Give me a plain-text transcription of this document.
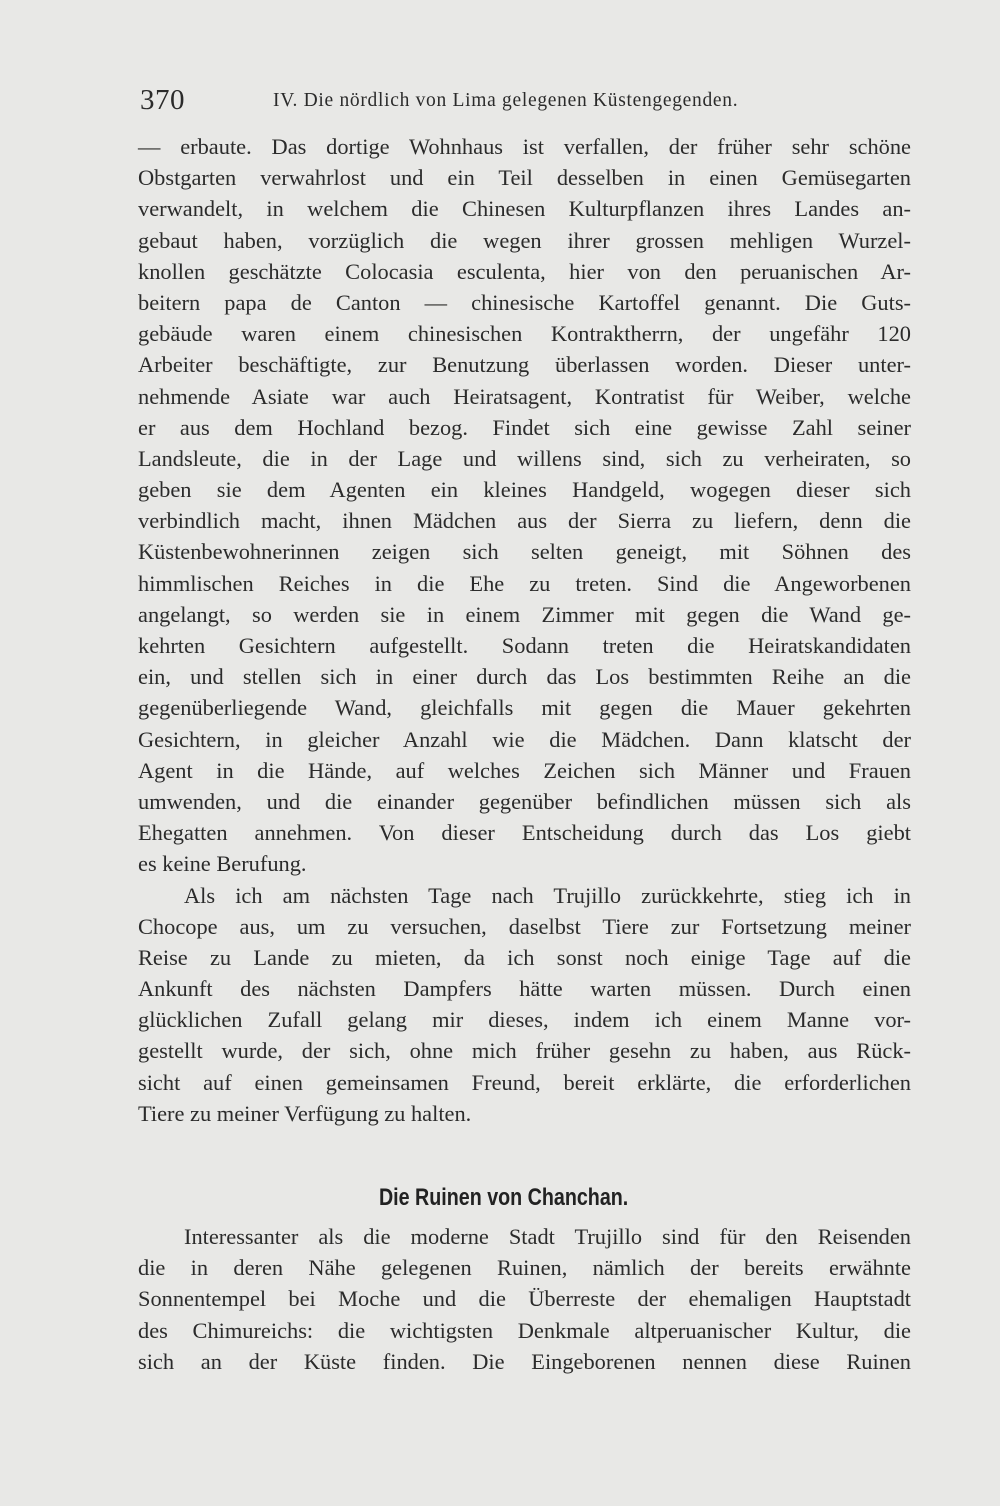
370	IV. Die nördlich von Lima gelegenen Küstengegenden.
— erbaute. Das dortige Wohnhaus ist verfallen, der früher sehr schöne
Obstgarten verwahrlost und ein Teil desselben in einen Gemüsegarten
verwandelt, in welchem die Chinesen Kulturpflanzen ihres Landes an-
gebaut haben, vorzüglich die wegen ihrer grossen mehligen Wurzel-
knollen geschätzte Colocasia esculenta, hier von den peruanischen Ar-
beitern papa de Canton — chinesische Kartoffel genannt. Die Guts-
gebäude waren einem chinesischen Kontraktherrn, der ungefähr 120
Arbeiter beschäftigte, zur Benutzung überlassen worden. Dieser unter-
nehmende Asiate war auch Heiratsagent, Kontratist für Weiber, welche
er aus dem Hochland bezog. Findet sich eine gewisse Zahl seiner
Landsleute, die in der Lage und willens sind, sich zu verheiraten, so
geben sie dem Agenten ein kleines Handgeld, wogegen dieser sich
verbindlich macht, ihnen Mädchen aus der Sierra zu liefern, denn die
Küstenbewohnerinnen zeigen sich selten geneigt, mit Söhnen des
himmlischen Reiches in die Ehe zu treten. Sind die Angeworbenen
angelangt, so werden sie in einem Zimmer mit gegen die Wand ge-
kehrten Gesichtern aufgestellt. Sodann treten die Heiratskandidaten
ein, und stellen sich in einer durch das Los bestimmten Reihe an die
gegenüberliegende Wand, gleichfalls mit gegen die Mauer gekehrten
Gesichtern, in gleicher Anzahl wie die Mädchen. Dann klatscht der
Agent in die Hände, auf welches Zeichen sich Männer und Frauen
umwenden, und die einander gegenüber befindlichen müssen sich als
Ehegatten annehmen. Von dieser Entscheidung durch das Los giebt
es keine Berufung.
Als ich am nächsten Tage nach Trujillo zurückkehrte, stieg ich in
Chocope aus, um zu versuchen, daselbst Tiere zur Fortsetzung meiner
Reise zu Lande zu mieten, da ich sonst noch einige Tage auf die
Ankunft des nächsten Dampfers hätte warten müssen. Durch einen
glücklichen Zufall gelang mir dieses, indem ich einem Manne vor-
gestellt wurde, der sich, ohne mich früher gesehn zu haben, aus Rück-
sicht auf einen gemeinsamen Freund, bereit erklärte, die erforderlichen
Tiere zu meiner Verfügung zu halten.
Die Ruinen von Chanchan.
Interessanter als die moderne Stadt Trujillo sind für den Reisenden
die in deren Nähe gelegenen Ruinen, nämlich der bereits erwähnte
Sonnentempel bei Moche und die Überreste der ehemaligen Hauptstadt
des Chimureichs: die wichtigsten Denkmale altperuanischer Kultur, die
sich an der Küste finden. Die Eingeborenen nennen diese Ruinen
